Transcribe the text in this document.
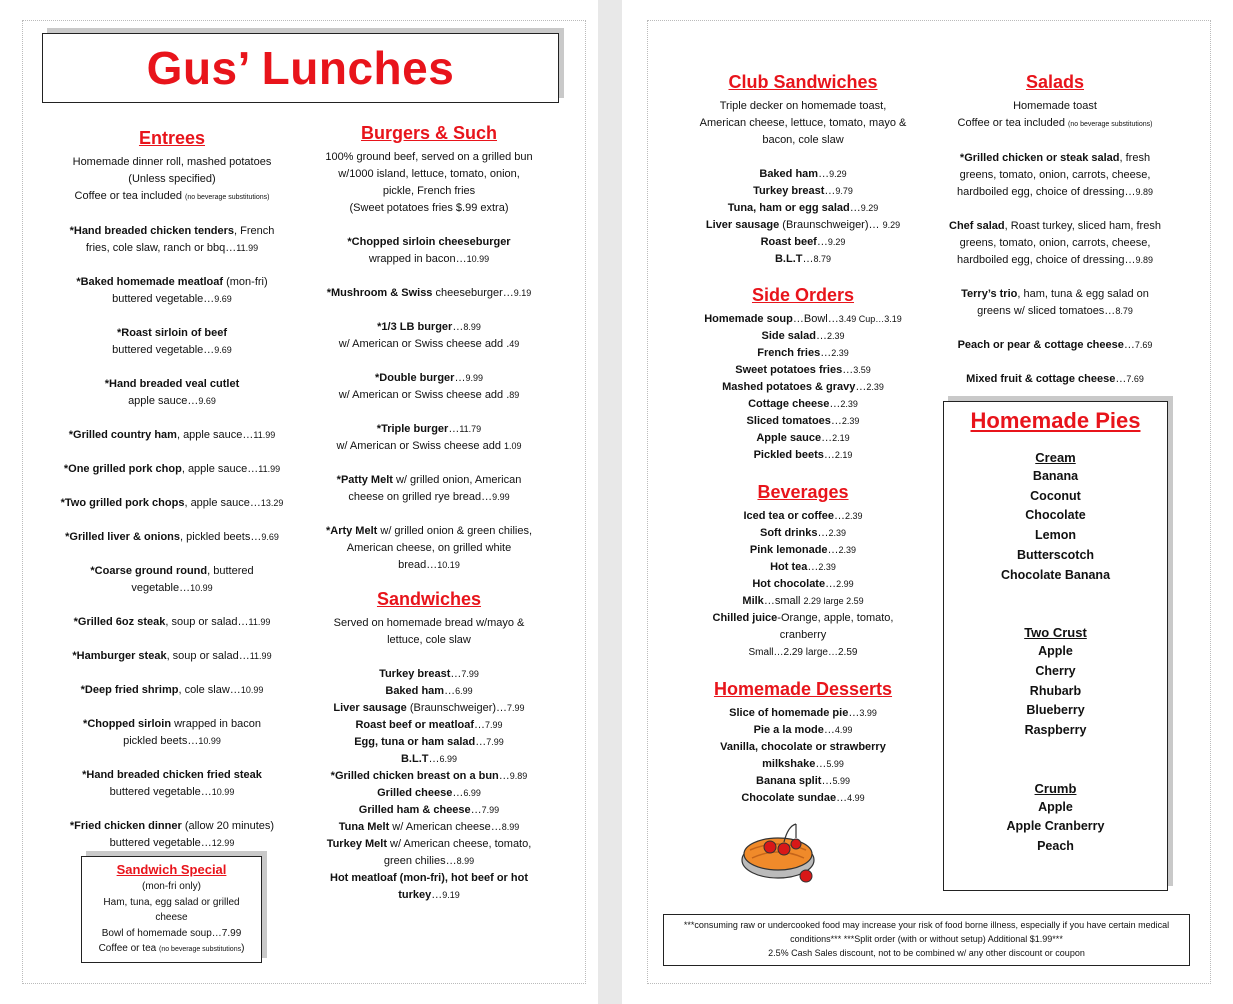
Gus’ Lunches
Entrees
Homemade dinner roll, mashed potatoes
(Unless specified)
Coffee or tea included (no beverage substitutions)
*Hand breaded chicken tenders, French
fries, cole slaw, ranch or bbq…11.99
*Baked homemade meatloaf (mon-fri)
buttered vegetable…9.69
*Roast sirloin of beef
buttered vegetable…9.69
*Hand breaded veal cutlet
apple sauce…9.69
*Grilled country ham, apple sauce…11.99
*One grilled pork chop, apple sauce…11.99
*Two grilled pork chops, apple sauce…13.29
*Grilled liver & onions, pickled beets…9.69
*Coarse ground round, buttered
vegetable…10.99
*Grilled 6oz steak, soup or salad…11.99
*Hamburger steak, soup or salad…11.99
*Deep fried shrimp, cole slaw…10.99
*Chopped sirloin wrapped in bacon
pickled beets…10.99
*Hand breaded chicken fried steak
buttered vegetable…10.99
*Fried chicken dinner (allow 20 minutes)
buttered vegetable…12.99
Burgers & Such
100% ground beef, served on a grilled bun
w/1000 island, lettuce, tomato, onion,
pickle, French fries
(Sweet potatoes fries $.99 extra)
*Chopped sirloin cheeseburger
wrapped in bacon…10.99
*Mushroom & Swiss cheeseburger…9.19
*1/3 LB burger…8.99
w/ American or Swiss cheese add .49
*Double burger…9.99
w/ American or Swiss cheese add .89
*Triple burger…11.79
w/ American or Swiss cheese add 1.09
*Patty Melt w/ grilled onion, American
cheese on grilled rye bread…9.99
*Arty Melt w/ grilled onion & green chilies,
American cheese, on grilled white
bread…10.19
Sandwiches
Served on homemade bread w/mayo &
lettuce, cole slaw
Turkey breast…7.99
Baked ham…6.99
Liver sausage (Braunschweiger)…7.99
Roast beef or meatloaf…7.99
Egg, tuna or ham salad…7.99
B.L.T…6.99
*Grilled chicken breast on a bun…9.89
Grilled cheese…6.99
Grilled ham & cheese…7.99
Tuna Melt w/ American cheese…8.99
Turkey Melt w/ American cheese, tomato,
green chilies…8.99
Hot meatloaf (mon-fri), hot beef or hot
turkey…9.19
Sandwich Special
(mon-fri only)
Ham, tuna, egg salad or grilled
cheese
Bowl of homemade soup…7.99
Coffee or tea (no beverage substitutions)
Club Sandwiches
Triple decker on homemade toast,
American cheese, lettuce, tomato, mayo &
bacon, cole slaw
Baked ham…9.29
Turkey breast…9.79
Tuna, ham or egg salad…9.29
Liver sausage (Braunschweiger)… 9.29
Roast beef…9.29
B.L.T…8.79
Side Orders
Homemade soup…Bowl…3.49 Cup…3.19
Side salad…2.39
French fries…2.39
Sweet potatoes fries…3.59
Mashed potatoes & gravy…2.39
Cottage cheese…2.39
Sliced tomatoes…2.39
Apple sauce…2.19
Pickled beets…2.19
Beverages
Iced tea or coffee…2.39
Soft drinks…2.39
Pink lemonade…2.39
Hot tea…2.39
Hot chocolate…2.99
Milk…small 2.29 large 2.59
Chilled juice-Orange, apple, tomato,
cranberry
Small…2.29 large…2.59
Homemade Desserts
Slice of homemade pie…3.99
Pie a la mode…4.99
Vanilla, chocolate or strawberry
milkshake…5.99
Banana split…5.99
Chocolate sundae…4.99
Salads
Homemade toast
Coffee or tea included (no beverage substitutions)
*Grilled chicken or steak salad, fresh
greens, tomato, onion, carrots, cheese,
hardboiled egg, choice of dressing…9.89
Chef salad, Roast turkey, sliced ham, fresh
greens, tomato, onion, carrots, cheese,
hardboiled egg, choice of dressing…9.89
Terry’s trio, ham, tuna & egg salad on
greens w/ sliced tomatoes…8.79
Peach or pear & cottage cheese…7.69
Mixed fruit & cottage cheese…7.69
Homemade Pies
Cream
Banana
Coconut
Chocolate
Lemon
Butterscotch
Chocolate Banana
Two Crust
Apple
Cherry
Rhubarb
Blueberry
Raspberry
Crumb
Apple
Apple Cranberry
Peach
***consuming raw or undercooked food may increase your risk of food borne illness, especially if you have certain medical
conditions*** ***Split order (with or without setup) Additional $1.99***
2.5% Cash Sales discount, not to be combined w/ any other discount or coupon
